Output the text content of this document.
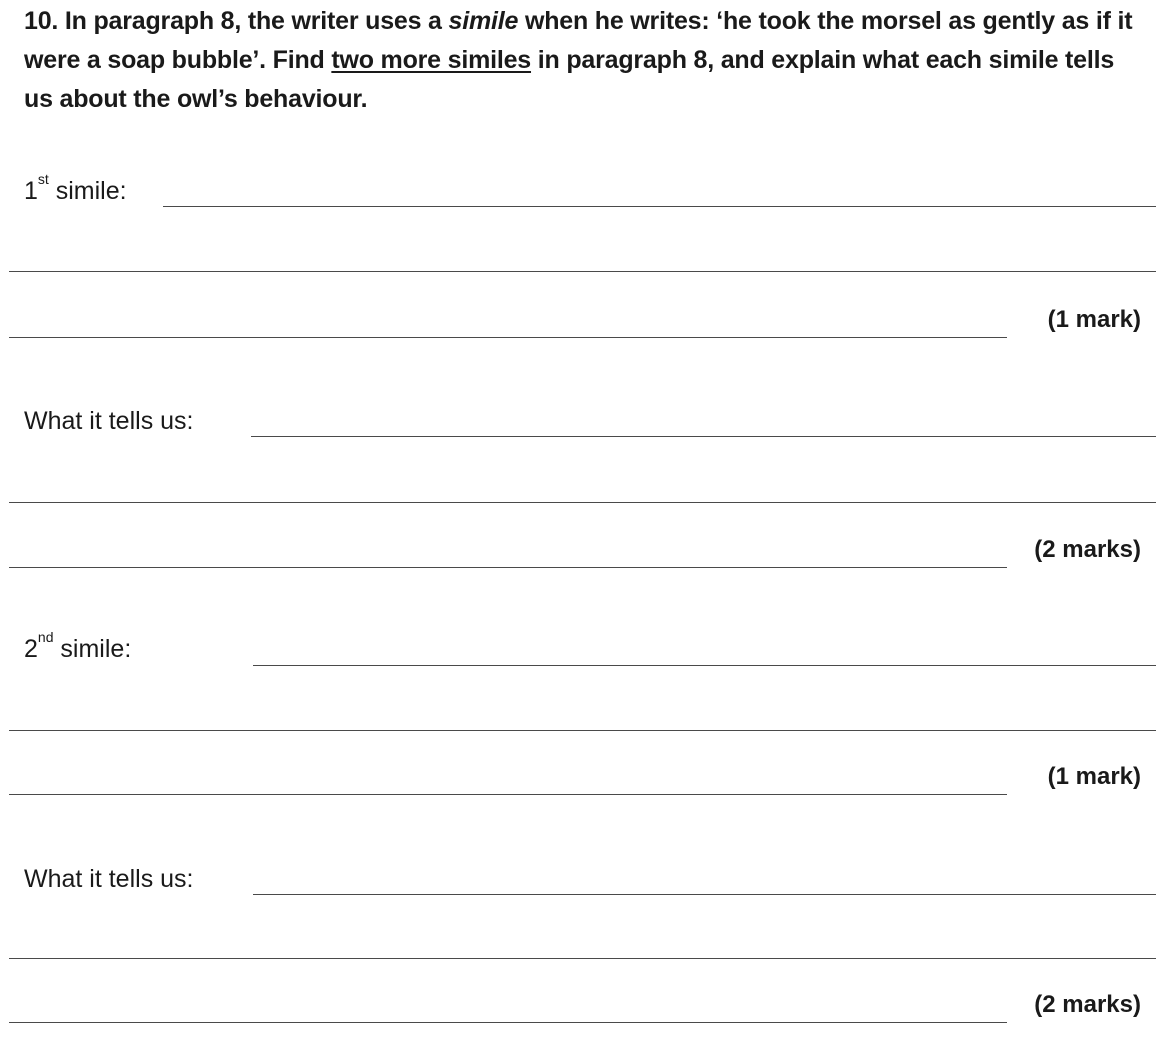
10. In paragraph 8, the writer uses a simile when he writes: ‘he took the morsel as gently as if it were a soap bubble’. Find two more similes in paragraph 8, and explain what each simile tells us about the owl’s behaviour.
1st simile:
(1 mark)
What it tells us:
(2 marks)
2nd simile:
(1 mark)
What it tells us:
(2 marks)
